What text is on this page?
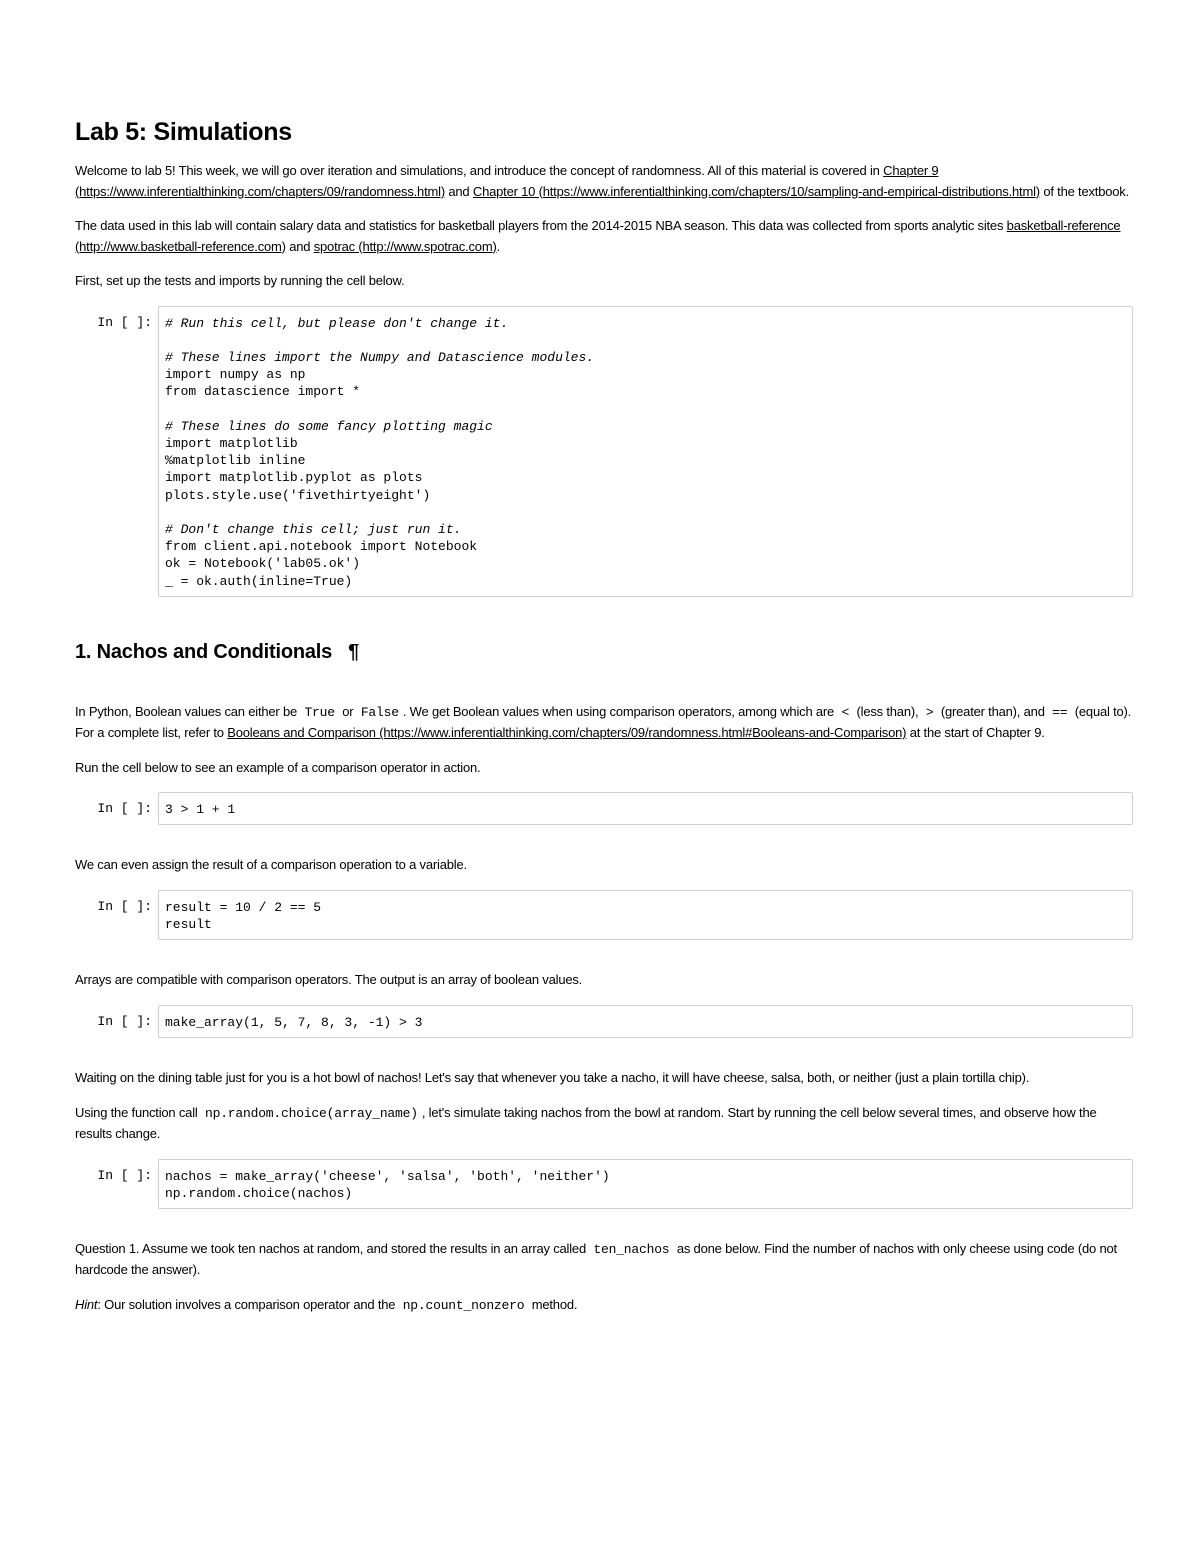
Lab 5: Simulations

Welcome to lab 5! This week, we will go over iteration and simulations, and introduce the concept of randomness. All of this material is covered in Chapter 9 (https://www.inferentialthinking.com/chapters/09/randomness.html) and Chapter 10 (https://www.inferentialthinking.com/chapters/10/sampling-and-empirical-distributions.html) of the textbook.

The data used in this lab will contain salary data and statistics for basketball players from the 2014-2015 NBA season. This data was collected from sports analytic sites basketball-reference (http://www.basketball-reference.com) and spotrac (http://www.spotrac.com).

First, set up the tests and imports by running the cell below.

In [ ]:	# Run this cell, but please don't change it.
# These lines import the Numpy and Datascience modules.
import numpy as np
from datascience import *
# These lines do some fancy plotting magic
import matplotlib
%matplotlib inline
import matplotlib.pyplot as plots
plots.style.use('fivethirtyeight')
# Don't change this cell; just run it.
from client.api.notebook import Notebook
ok = Notebook('lab05.ok')
_ = ok.auth(inline=True)
1. Nachos and Conditionals ¶

In Python, Boolean values can either be True or False . We get Boolean values when using comparison operators, among which are < (less than), > (greater than), and == (equal to). For a complete list, refer to Booleans and Comparison (https://www.inferentialthinking.com/chapters/09/randomness.html#Booleans-and-Comparison) at the start of Chapter 9.

Run the cell below to see an example of a comparison operator in action.

In [ ]:	3 > 1 + 1

We can even assign the result of a comparison operation to a variable.

In [ ]:	result = 10 / 2 == 5
result

Arrays are compatible with comparison operators. The output is an array of boolean values.

In [ ]:	make_array(1, 5, 7, 8, 3, -1) > 3

Waiting on the dining table just for you is a hot bowl of nachos! Let's say that whenever you take a nacho, it will have cheese, salsa, both, or neither (just a plain tortilla chip).

Using the function call np.random.choice(array_name) , let's simulate taking nachos from the bowl at random. Start by running the cell below several times, and observe how the results change.

In [ ]:	nachos = make_array('cheese', 'salsa', 'both', 'neither')
np.random.choice(nachos)

Question 1. Assume we took ten nachos at random, and stored the results in an array called ten_nachos as done below. Find the number of nachos with only cheese using code (do not hardcode the answer).

Hint: Our solution involves a comparison operator and the np.count_nonzero method.
